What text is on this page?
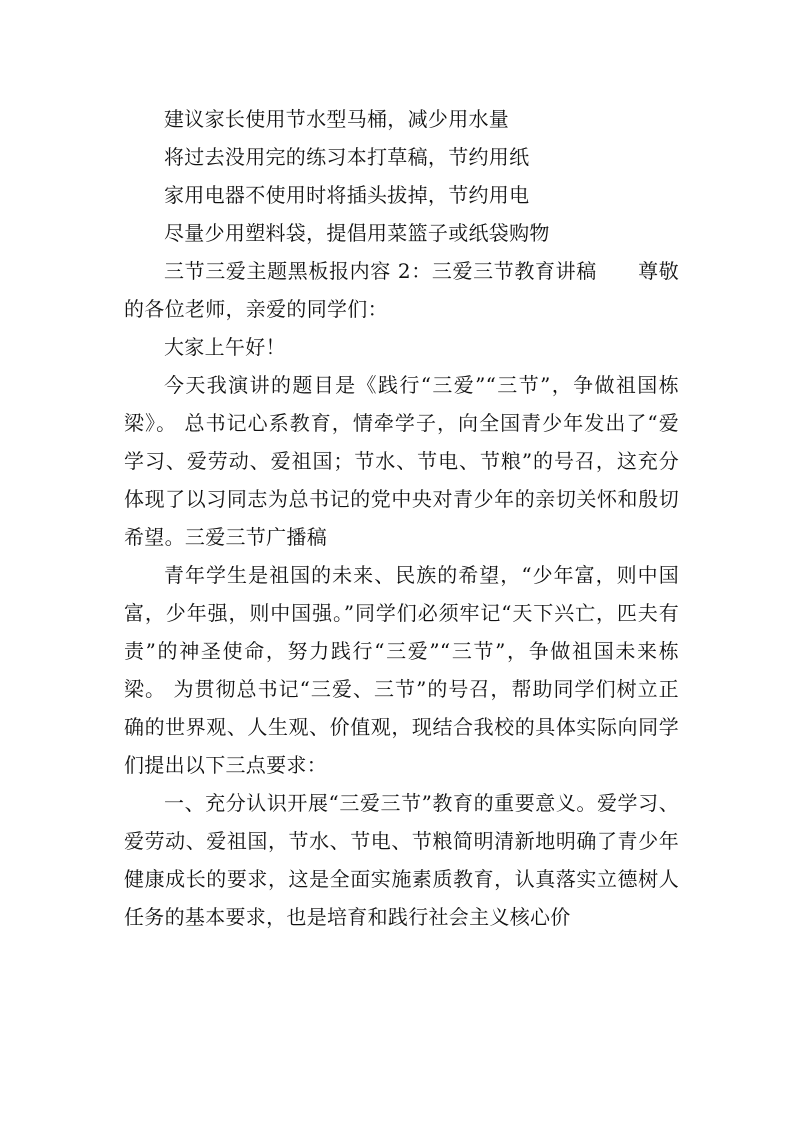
建议家长使用节水型马桶，减少用水量

将过去没用完的练习本打草稿，节约用纸

家用电器不使用时将插头拔掉，节约用电

尽量少用塑料袋，提倡用菜篮子或纸袋购物

三节三爱主题黑板报内容 2：三爱三节教育讲稿　　尊敬的各位老师，亲爱的同学们：

大家上午好！

今天我演讲的题目是《践行“三爱”“三节”，争做祖国栋梁》。 总书记心系教育，情牵学子，向全国青少年发出了“爱学习、爱劳动、爱祖国；节水、节电、节粮”的号召，这充分体现了以习同志为总书记的党中央对青少年的亲切关怀和殷切希望。三爱三节广播稿

青年学生是祖国的未来、民族的希望，“少年富，则中国富，少年强，则中国强。”同学们必须牢记“天下兴亡，匹夫有责”的神圣使命，努力践行“三爱”“三节”，争做祖国未来栋梁。 为贯彻总书记“三爱、三节”的号召，帮助同学们树立正确的世界观、人生观、价值观，现结合我校的具体实际向同学们提出以下三点要求：

一、充分认识开展“三爱三节”教育的重要意义。爱学习、爱劳动、爱祖国，节水、节电、节粮简明清新地明确了青少年健康成长的要求，这是全面实施素质教育，认真落实立德树人任务的基本要求，也是培育和践行社会主义核心价
